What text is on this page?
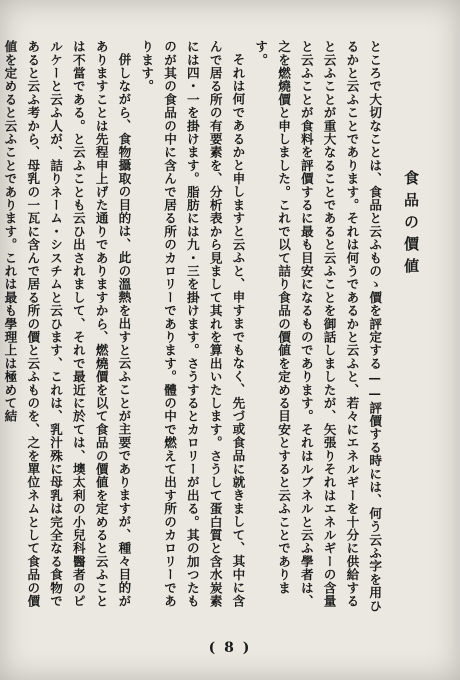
食品の價値

ところで大切なことは、食品と云ふものゝ價を評定する——評價する時には、何う云ふ字を用ひるかと云ふことであります。それは何うであるかと云ふと、若々にエネルギーを十分に供給すると云ふことが重大なることであると云ふことを御話しましたが、矢張りそれはエネルギーの含量と云ふことが食料を評價するに最も目安になるものであります。それはルブネルと云ふ學者は、之を燃燒價と申しました。これで以て詰り食品の價値を定める目安とすると云ふことであります。

それは何であるかと申しますと云ふと、申すまでもなく、先づ或食品に就きまして、其中に含んで居る所の有要素を、分析表から見まして其れを算出いたします。さうして蛋白質と含水炭素には四・一を掛けます。脂肪には九・三を掛けます。さうするとカロリーが出る。其の加つたものが其の食品の中に含んで居る所のカロリーであります。體の中で燃えて出す所のカロリーであります。

併しながら、食物攝取の目的は、此の溫熱を出すと云ふことが主要でありますが、種々目的がありますことは先程申上げた通りでありますから、燃燒價を以て食品の價値を定めると云ふことは不當である。と云ふことも云ひ出されまして、それで最近に於ては、墺太利の小兒科醫者のピルケーと云ふ人が、詰りネーム・シスチムと云ひます、これは、乳汁殊に母乳は完全なる食物であると云ふ考から、母乳の一瓦に含んで居る所の價と云ふものを、之を單位ネムとして食品の價値を定めると云ふことであります。これは最も學理上は極めて結

( 8 )
